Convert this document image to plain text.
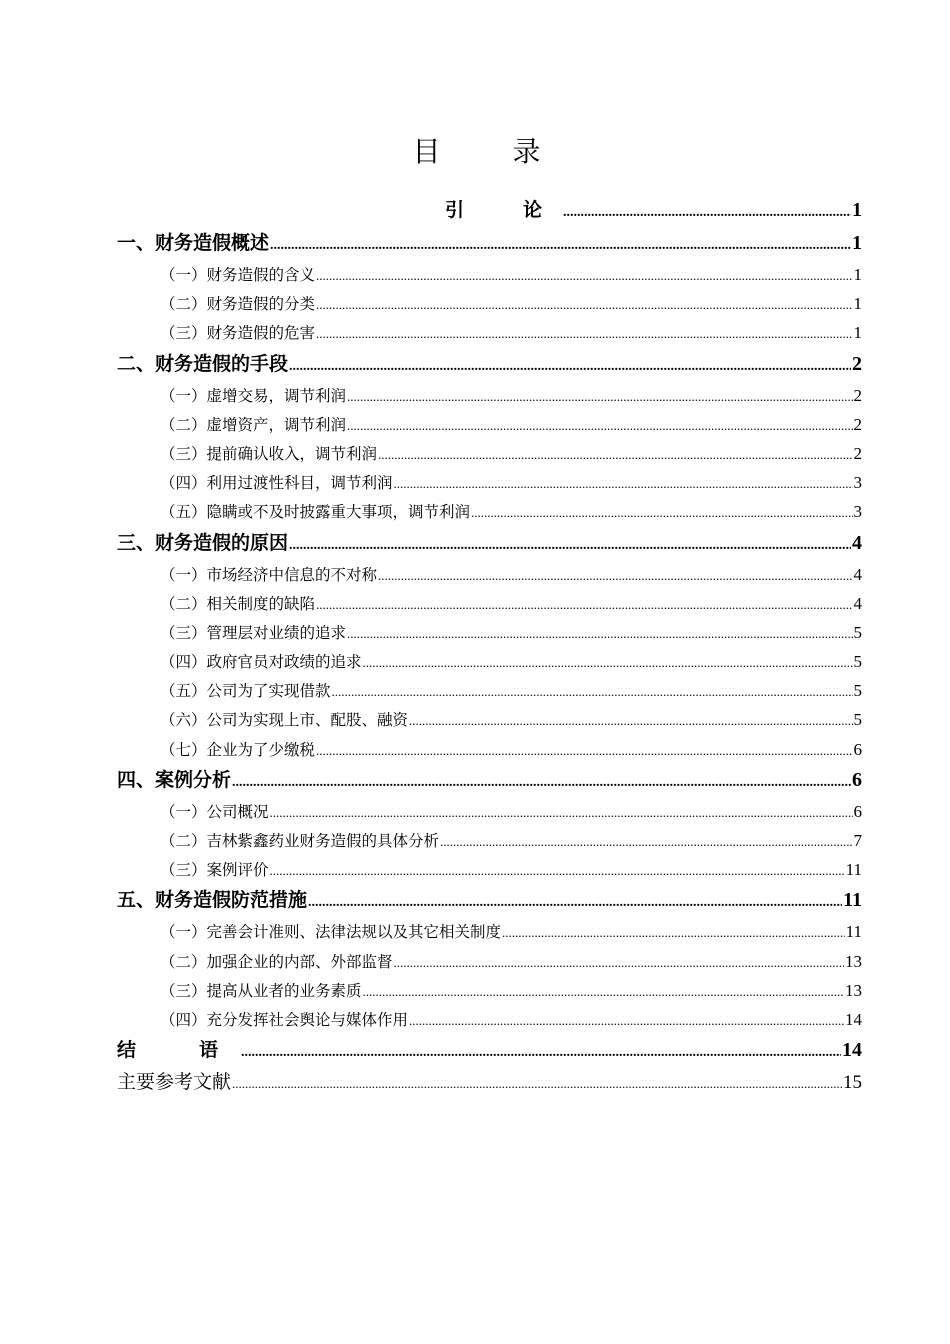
目　录
引　论 .....	1
一、财务造假概述 .....	1
（一）财务造假的含义 .....	1
（二）财务造假的分类 .....	1
（三）财务造假的危害 .....	1
二、财务造假的手段 .....	2
（一）虚增交易，调节利润 .....	2
（二）虚增资产，调节利润 .....	2
（三）提前确认收入，调节利润 .....	2
（四）利用过渡性科目，调节利润 .....	3
（五）隐瞒或不及时披露重大事项，调节利润 .....	3
三、财务造假的原因 .....	4
（一）市场经济中信息的不对称 .....	4
（二）相关制度的缺陷 .....	4
（三）管理层对业绩的追求 .....	5
（四）政府官员对政绩的追求 .....	5
（五）公司为了实现借款 .....	5
（六）公司为实现上市、配股、融资 .....	5
（七）企业为了少缴税 .....	6
四、案例分析 .....	6
（一）公司概况 .....	6
（二）吉林紫鑫药业财务造假的具体分析 .....	7
（三）案例评价 .....	11
五、财务造假防范措施 .....	11
（一）完善会计准则、法律法规以及其它相关制度 .....	11
（二）加强企业的内部、外部监督 .....	13
（三）提高从业者的业务素质 .....	13
（四）充分发挥社会舆论与媒体作用 .....	14
结　语 .....	14
主要参考文献 .....	15
